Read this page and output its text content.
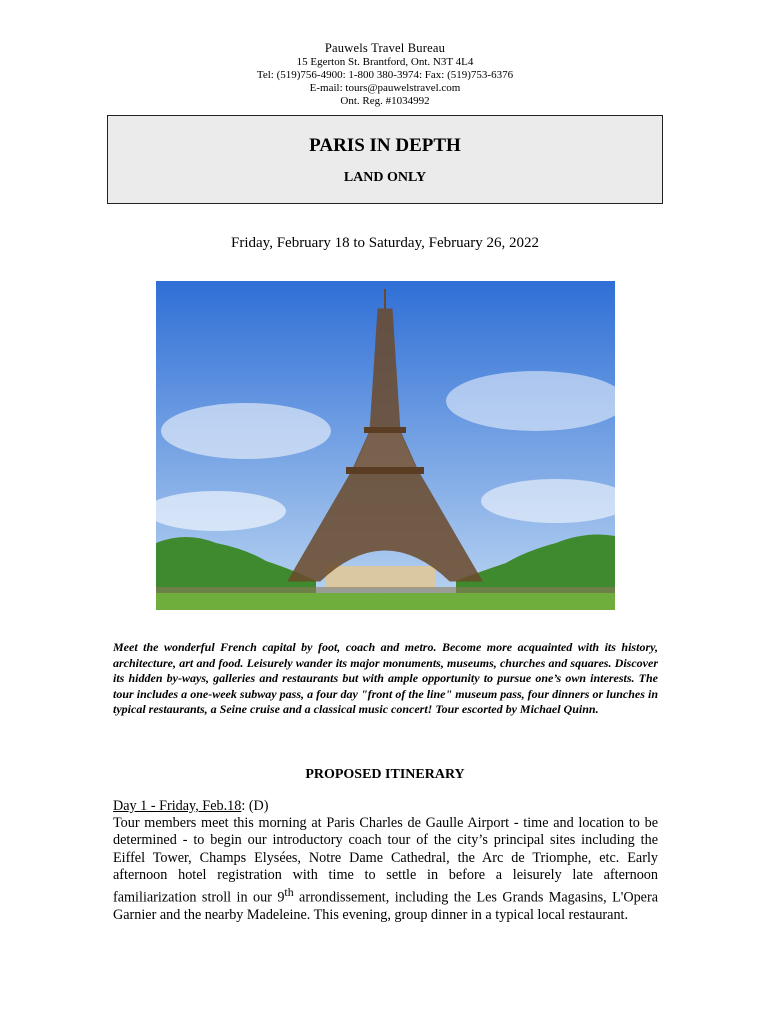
Pauwels Travel Bureau
15 Egerton St. Brantford, Ont. N3T 4L4
Tel: (519)756-4900: 1-800 380-3974: Fax: (519)753-6376
E-mail: tours@pauwelstravel.com
Ont. Reg. #1034992
PARIS IN DEPTH
LAND ONLY
Friday, February 18 to Saturday, February 26, 2022
Meet the wonderful French capital by foot, coach and metro. Become more acquainted with its history, architecture, art and food. Leisurely wander its major monuments, museums, churches and squares. Discover its hidden by-ways, galleries and restaurants but with ample opportunity to pursue one’s own interests. The tour includes a one-week subway pass, a four day "front of the line" museum pass, four dinners or lunches in typical restaurants, a Seine cruise and a classical music concert! Tour escorted by Michael Quinn.
PROPOSED ITINERARY
Day 1 - Friday, Feb.18: (D)
Tour members meet this morning at Paris Charles de Gaulle Airport - time and location to be determined - to begin our introductory coach tour of the city’s principal sites including the Eiffel Tower, Champs Elysées, Notre Dame Cathedral, the Arc de Triomphe, etc. Early afternoon hotel registration with time to settle in before a leisurely late afternoon familiarization stroll in our 9th arrondissement, including the Les Grands Magasins, L'Opera Garnier and the nearby Madeleine. This evening, group dinner in a typical local restaurant.
